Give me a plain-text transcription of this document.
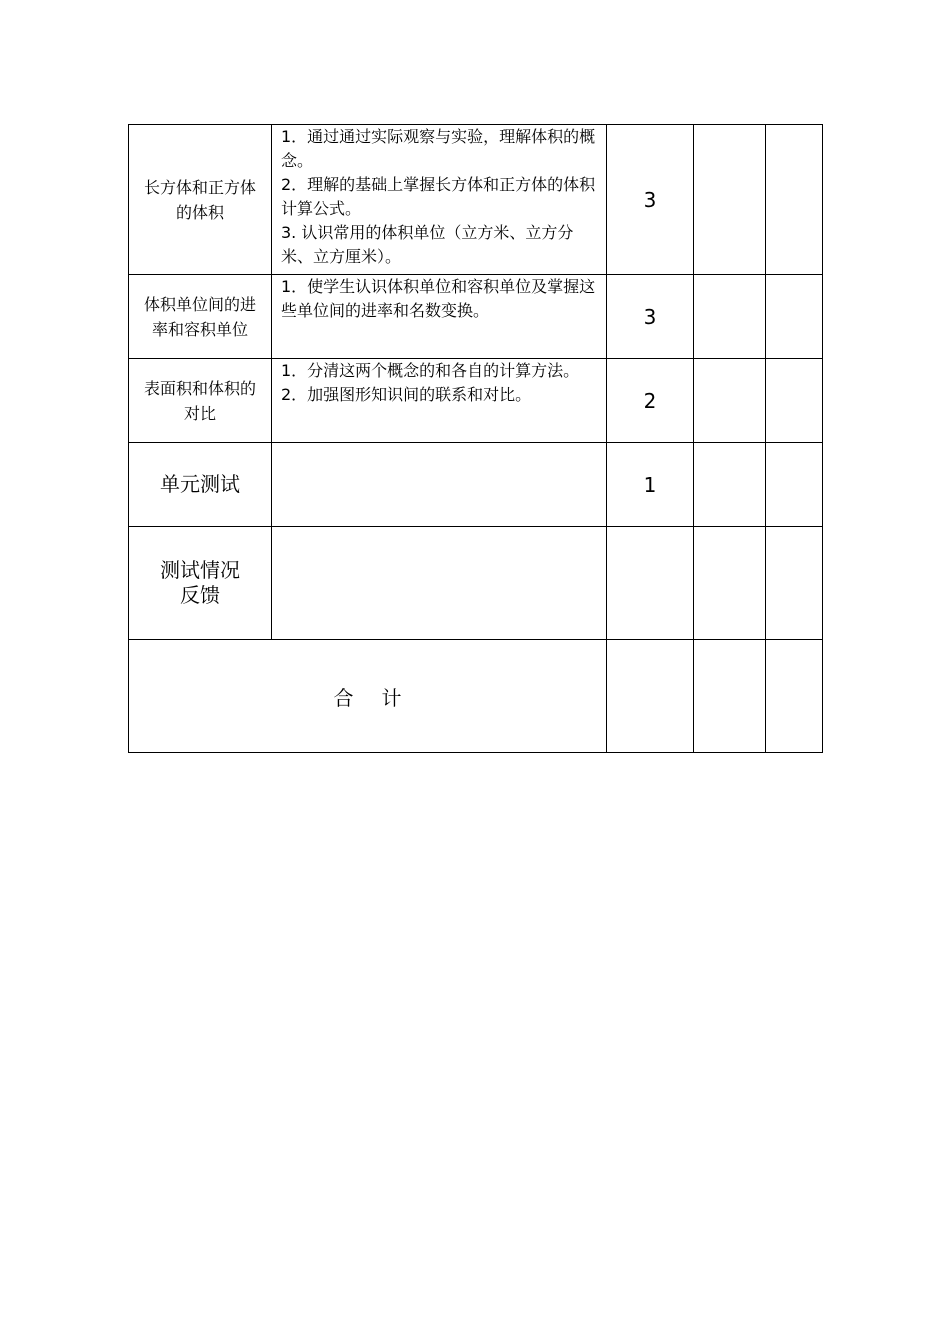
长方体和正方体的体积	1．通过通过实际观察与实验，理解体积的概念。
2．理解的基础上掌握长方体和正方体的体积计算公式。
3. 认识常用的体积单位（立方米、立方分米、立方厘米）。	3		
体积单位间的进率和容积单位	1．使学生认识体积单位和容积单位及掌握这些单位间的进率和名数变换。	3		
表面积和体积的对比	1．分清这两个概念的和各自的计算方法。
2．加强图形知识间的联系和对比。	2		
单元测试		1		
测试情况反馈				
合计				
